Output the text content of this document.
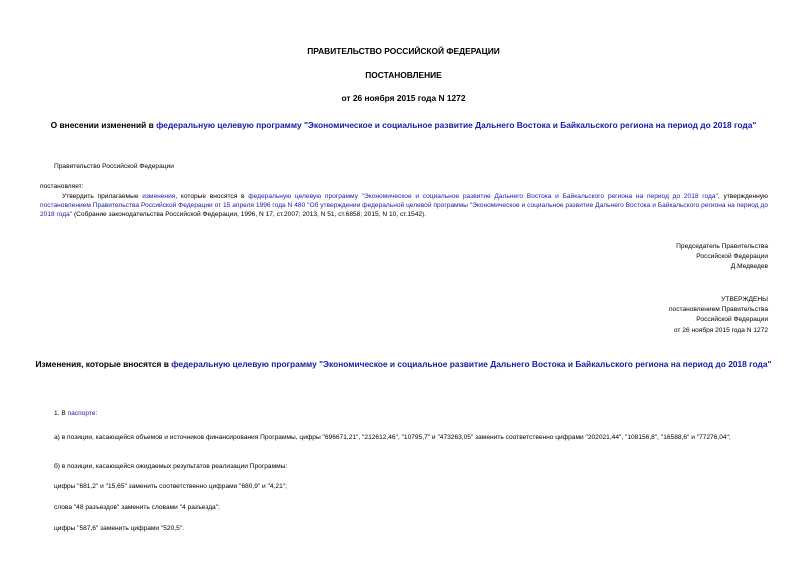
ПРАВИТЕЛЬСТВО РОССИЙСКОЙ ФЕДЕРАЦИИ
ПОСТАНОВЛЕНИЕ
от 26 ноября 2015 года N 1272
О внесении изменений в федеральную целевую программу "Экономическое и социальное развитие Дальнего Востока и Байкальского региона на период до 2018 года"
Правительство Российской Федерации
постановляет:
Утвердить прилагаемые изменения, которые вносятся в федеральную целевую программу "Экономическое и социальное развитие Дальнего Востока и Байкальского региона на период до 2018 года", утвержденную постановлением Правительства Российской Федерации от 15 апреля 1996 года N 480 "Об утверждении федеральной целевой программы "Экономическое и социальное развитие Дальнего Востока и Байкальского региона на период до 2018 года" (Собрание законодательства Российской Федерации, 1996, N 17, ст.2007; 2013, N 51, ст.6858; 2015, N 10, ст.1542).
Председатель Правительства
Российской Федерации
Д.Медведев
УТВЕРЖДЕНЫ
постановлением Правительства
Российской Федерации
от 26 ноября 2015 года N 1272
Изменения, которые вносятся в федеральную целевую программу "Экономическое и социальное развитие Дальнего Востока и Байкальского региона на период до 2018 года"
1. В паспорте:
а) в позиции, касающейся объемов и источников финансирования Программы, цифры "696671,21", "212612,46", "10795,7" и "473263,05" заменить соответственно цифрами "202021,44", "108156,8", "16588,6" и "77276,04";
б) в позиции, касающейся ожидаемых результатов реализации Программы:
цифры "681,2" и "15,65" заменить соответственно цифрами "680,9" и "4,21";
слова "48 разъездов" заменить словами "4 разъезда";
цифры "587,6" заменить цифрами "520,5".
